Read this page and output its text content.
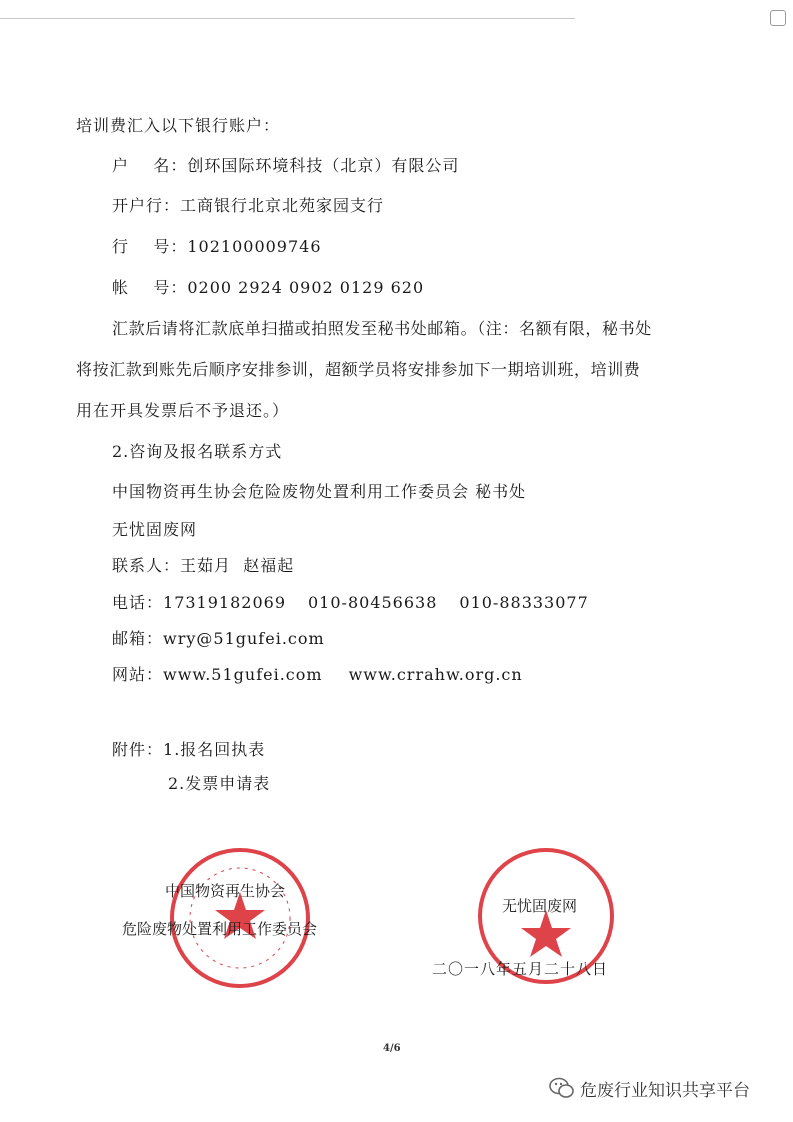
培训费汇入以下银行账户：
户    名：创环国际环境科技（北京）有限公司
开户行：工商银行北京北苑家园支行
行    号：102100009746
帐    号：0200 2924 0902 0129 620
汇款后请将汇款底单扫描或拍照发至秘书处邮箱。（注：名额有限，秘书处
将按汇款到账先后顺序安排参训，超额学员将安排参加下一期培训班，培训费
用在开具发票后不予退还。）
2.咨询及报名联系方式
中国物资再生协会危险废物处置利用工作委员会 秘书处
无忧固废网
联系人：王茹月  赵福起
电话：17319182069 010-80456638 010-88333077
邮箱：wry@51gufei.com
网站：www.51gufei.com www.crrahw.org.cn
附件：1.报名回执表
2.发票申请表
中国物资再生协会
危险废物处置利用工作委员会
无忧固废网
二〇一八年五月二十八日
4/6
危废行业知识共享平台
